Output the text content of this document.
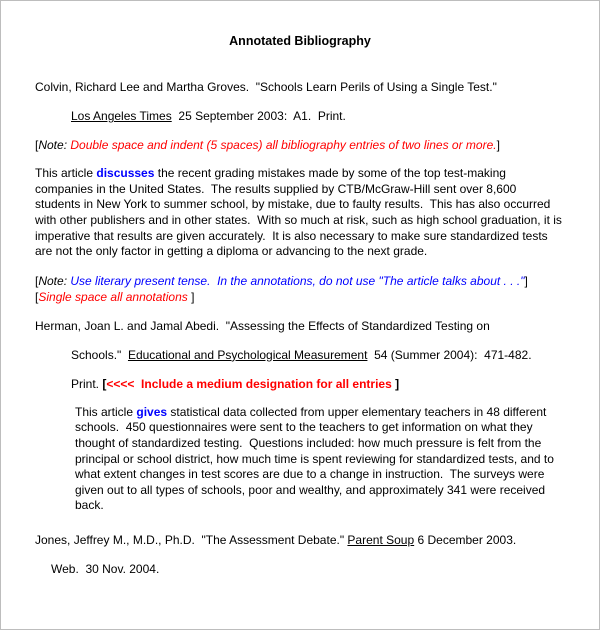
Annotated Bibliography
Colvin, Richard Lee and Martha Groves.  "Schools Learn Perils of Using a Single Test."
Los Angeles Times  25 September 2003:  A1.  Print.
[Note: Double space and indent (5 spaces) all bibliography entries of two lines or more.]
This article discusses the recent grading mistakes made by some of the top test-making companies in the United States.  The results supplied by CTB/McGraw-Hill sent over 8,600 students in New York to summer school, by mistake, due to faulty results.  This has also occurred with other publishers and in other states.  With so much at risk, such as high school graduation, it is imperative that results are given accurately.  It is also necessary to make sure standardized tests are not the only factor in getting a diploma or advancing to the next grade.
[Note: Use literary present tense.  In the annotations, do not use "The article talks about . . ."]
[Single space all annotations ]
Herman, Joan L. and Jamal Abedi.  "Assessing the Effects of Standardized Testing on
Schools."  Educational and Psychological Measurement  54 (Summer 2004):  471-482.
Print. [<<<<  Include a medium designation for all entries ]
This article gives statistical data collected from upper elementary teachers in 48 different schools.  450 questionnaires were sent to the teachers to get information on what they thought of standardized testing.  Questions included: how much pressure is felt from the principal or school district, how much time is spent reviewing for standardized tests, and to what extent changes in test scores are due to a change in instruction.  The surveys were given out to all types of schools, poor and wealthy, and approximately 341 were received back.
Jones, Jeffrey M., M.D., Ph.D.  "The Assessment Debate." Parent Soup 6 December 2003.
Web.  30 Nov. 2004.
